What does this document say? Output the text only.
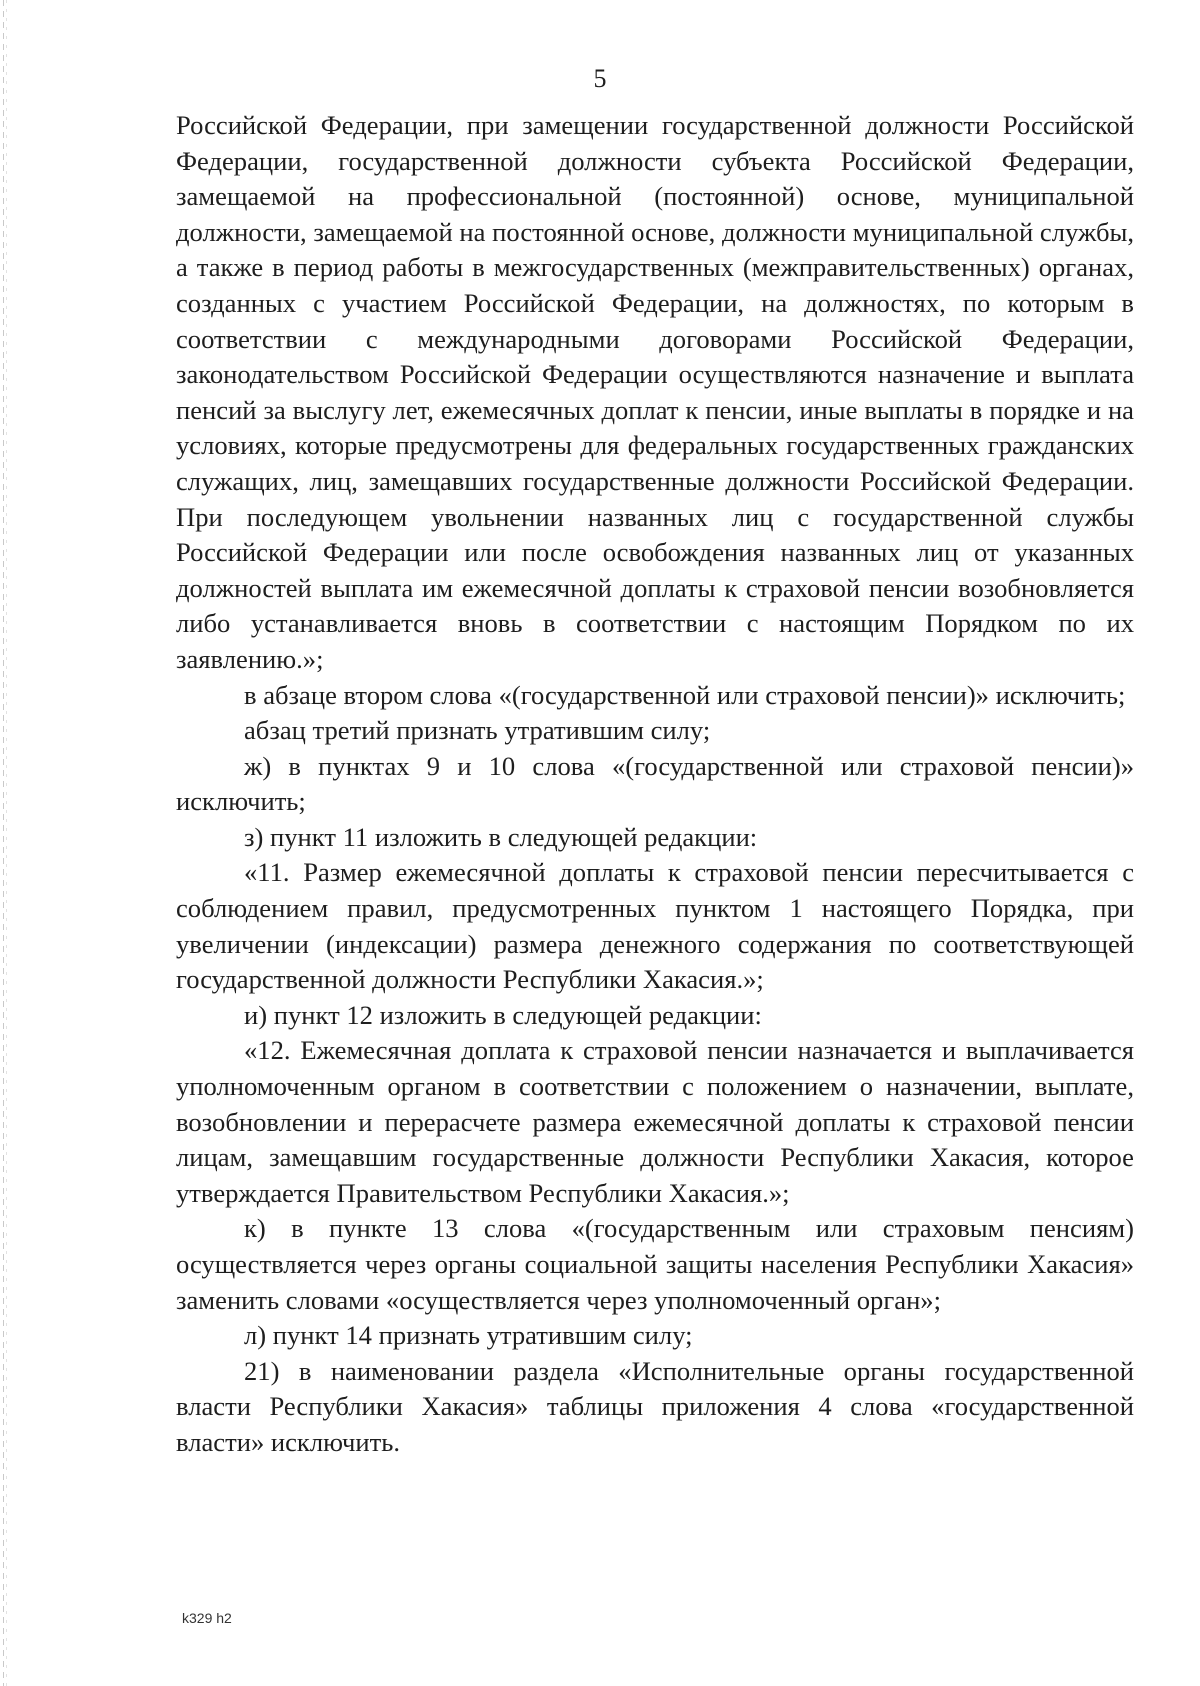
5

Российской Федерации, при замещении государственной должности Российской Федерации, государственной должности субъекта Российской Федерации, замещаемой на профессиональной (постоянной) основе, муниципальной должности, замещаемой на постоянной основе, должности муниципальной службы, а также в период работы в межгосударственных (межправительственных) органах, созданных с участием Российской Федерации, на должностях, по которым в соответствии с международными договорами Российской Федерации, законодательством Российской Федерации осуществляются назначение и выплата пенсий за выслугу лет, ежемесячных доплат к пенсии, иные выплаты в порядке и на условиях, которые предусмотрены для федеральных государственных гражданских служащих, лиц, замещавших государственные должности Российской Федерации. При последующем увольнении названных лиц с государственной службы Российской Федерации или после освобождения названных лиц от указанных должностей выплата им ежемесячной доплаты к страховой пенсии возобновляется либо устанавливается вновь в соответствии с настоящим Порядком по их заявлению.»;

в абзаце втором слова «(государственной или страховой пенсии)» исключить;

абзац третий признать утратившим силу;

ж) в пунктах 9 и 10 слова «(государственной или страховой пенсии)» исключить;

з) пункт 11 изложить в следующей редакции:

«11. Размер ежемесячной доплаты к страховой пенсии пересчитывается с соблюдением правил, предусмотренных пунктом 1 настоящего Порядка, при увеличении (индексации) размера денежного содержания по соответствующей государственной должности Республики Хакасия.»;

и) пункт 12 изложить в следующей редакции:

«12. Ежемесячная доплата к страховой пенсии назначается и выплачивается уполномоченным органом в соответствии с положением о назначении, выплате, возобновлении и перерасчете размера ежемесячной доплаты к страховой пенсии лицам, замещавшим государственные должности Республики Хакасия, которое утверждается Правительством Республики Хакасия.»;

к) в пункте 13 слова «(государственным или страховым пенсиям) осуществляется через органы социальной защиты населения Республики Хакасия» заменить словами «осуществляется через уполномоченный орган»;

л) пункт 14 признать утратившим силу;

21) в наименовании раздела «Исполнительные органы государственной власти Республики Хакасия» таблицы приложения 4 слова «государственной власти» исключить.

k329 h2
